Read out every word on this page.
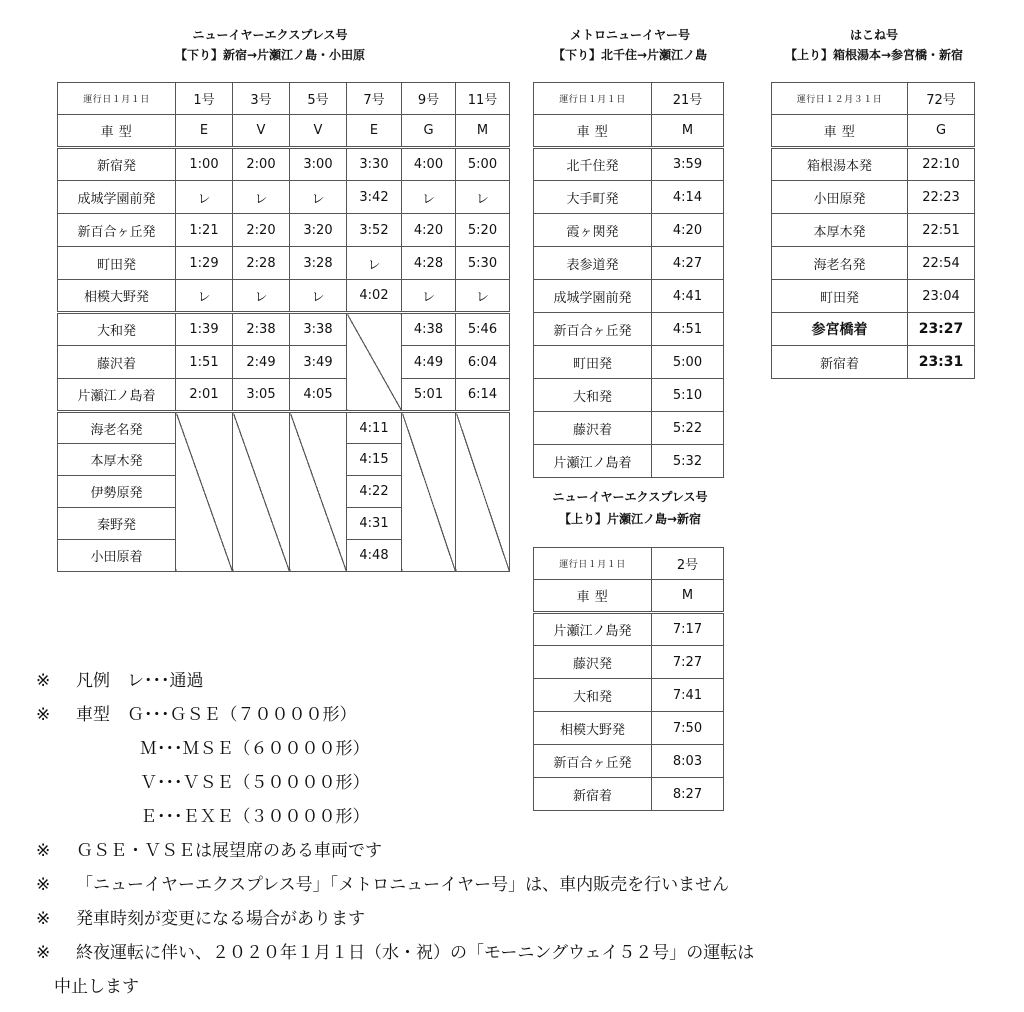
ニューイヤーエクスプレス号
【下り】新宿→片瀬江ノ島・小田原
運行日１月１日	1号	3号	5号	7号	9号	11号
車 型	E	V	V	E	G	M
新宿発	1:00	2:00	3:00	3:30	4:00	5:00
成城学園前発	レ	レ	レ	3:42	レ	レ
新百合ヶ丘発	1:21	2:20	3:20	3:52	4:20	5:20
町田発	1:29	2:28	3:28	レ	4:28	5:30
相模大野発	レ	レ	レ	4:02	レ	レ
大和発	1:39	2:38	3:38		4:38	5:46
藤沢着	1:51	2:49	3:49		4:49	6:04
片瀬江ノ島着	2:01	3:05	4:05		5:01	6:14
海老名発				4:11		
本厚木発				4:15		
伊勢原発				4:22		
秦野発				4:31		
小田原着				4:48		
メトロニューイヤー号
【下り】北千住→片瀬江ノ島
運行日１月１日	21号
車 型	M
北千住発	3:59
大手町発	4:14
霞ヶ関発	4:20
表参道発	4:27
成城学園前発	4:41
新百合ヶ丘発	4:51
町田発	5:00
大和発	5:10
藤沢着	5:22
片瀬江ノ島着	5:32
ニューイヤーエクスプレス号
【上り】片瀬江ノ島→新宿
運行日１月１日	2号
車 型	M
片瀬江ノ島発	7:17
藤沢発	7:27
大和発	7:41
相模大野発	7:50
新百合ヶ丘発	8:03
新宿着	8:27
はこね号
【上り】箱根湯本→参宮橋・新宿
運行日１２月３１日	72号
車 型	G
箱根湯本発	22:10
小田原発	22:23
本厚木発	22:51
海老名発	22:54
町田発	23:04
参宮橋着	23:27
新宿着	23:31
※ 凡例　レ･･･通過
※ 車型　Ｇ･･･ＧＳＥ（７００００形）
Ｍ･･･ＭＳＥ（６００００形）
Ｖ･･･ＶＳＥ（５００００形）
Ｅ･･･ＥＸＥ（３００００形）
※ ＧＳＥ・ＶＳＥは展望席のある車両です
※ 「ニューイヤーエクスプレス号」「メトロニューイヤー号」は、車内販売を行いません
※ 発車時刻が変更になる場合があります
※ 終夜運転に伴い、２０２０年１月１日（水・祝）の「モーニングウェイ５２号」の運転は
中止します
